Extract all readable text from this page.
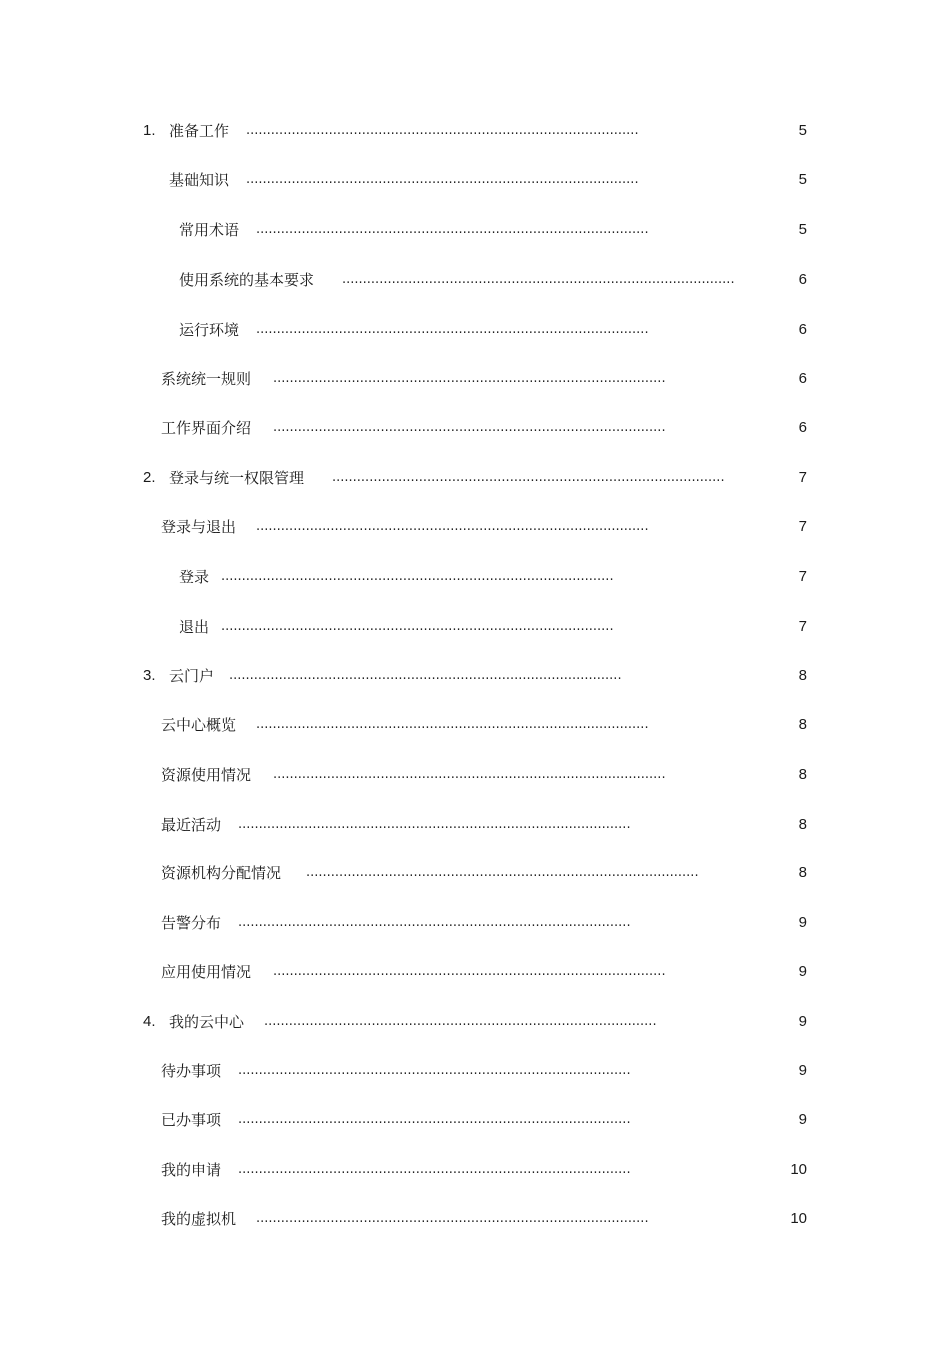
1. 准备工作 ...............................................................................................	5
基础知识 ...............................................................................................	5
常用术语 ...............................................................................................	5
使用系统的基本要求 ...............................................................................................	6
运行环境 ...............................................................................................	6
系统统一规则 ...............................................................................................	6
工作界面介绍 ...............................................................................................	6
2. 登录与统一权限管理 ...............................................................................................	7
登录与退出 ...............................................................................................	7
登录 ...............................................................................................	7
退出 ...............................................................................................	7
3. 云门户 ...............................................................................................	8
云中心概览 ...............................................................................................	8
资源使用情况 ...............................................................................................	8
最近活动 ...............................................................................................	8
资源机构分配情况 ...............................................................................................	8
告警分布 ...............................................................................................	9
应用使用情况 ...............................................................................................	9
4. 我的云中心 ...............................................................................................	9
待办事项 ...............................................................................................	9
已办事项 ...............................................................................................	9
我的申请 ...............................................................................................	10
我的虚拟机 ...............................................................................................	10
